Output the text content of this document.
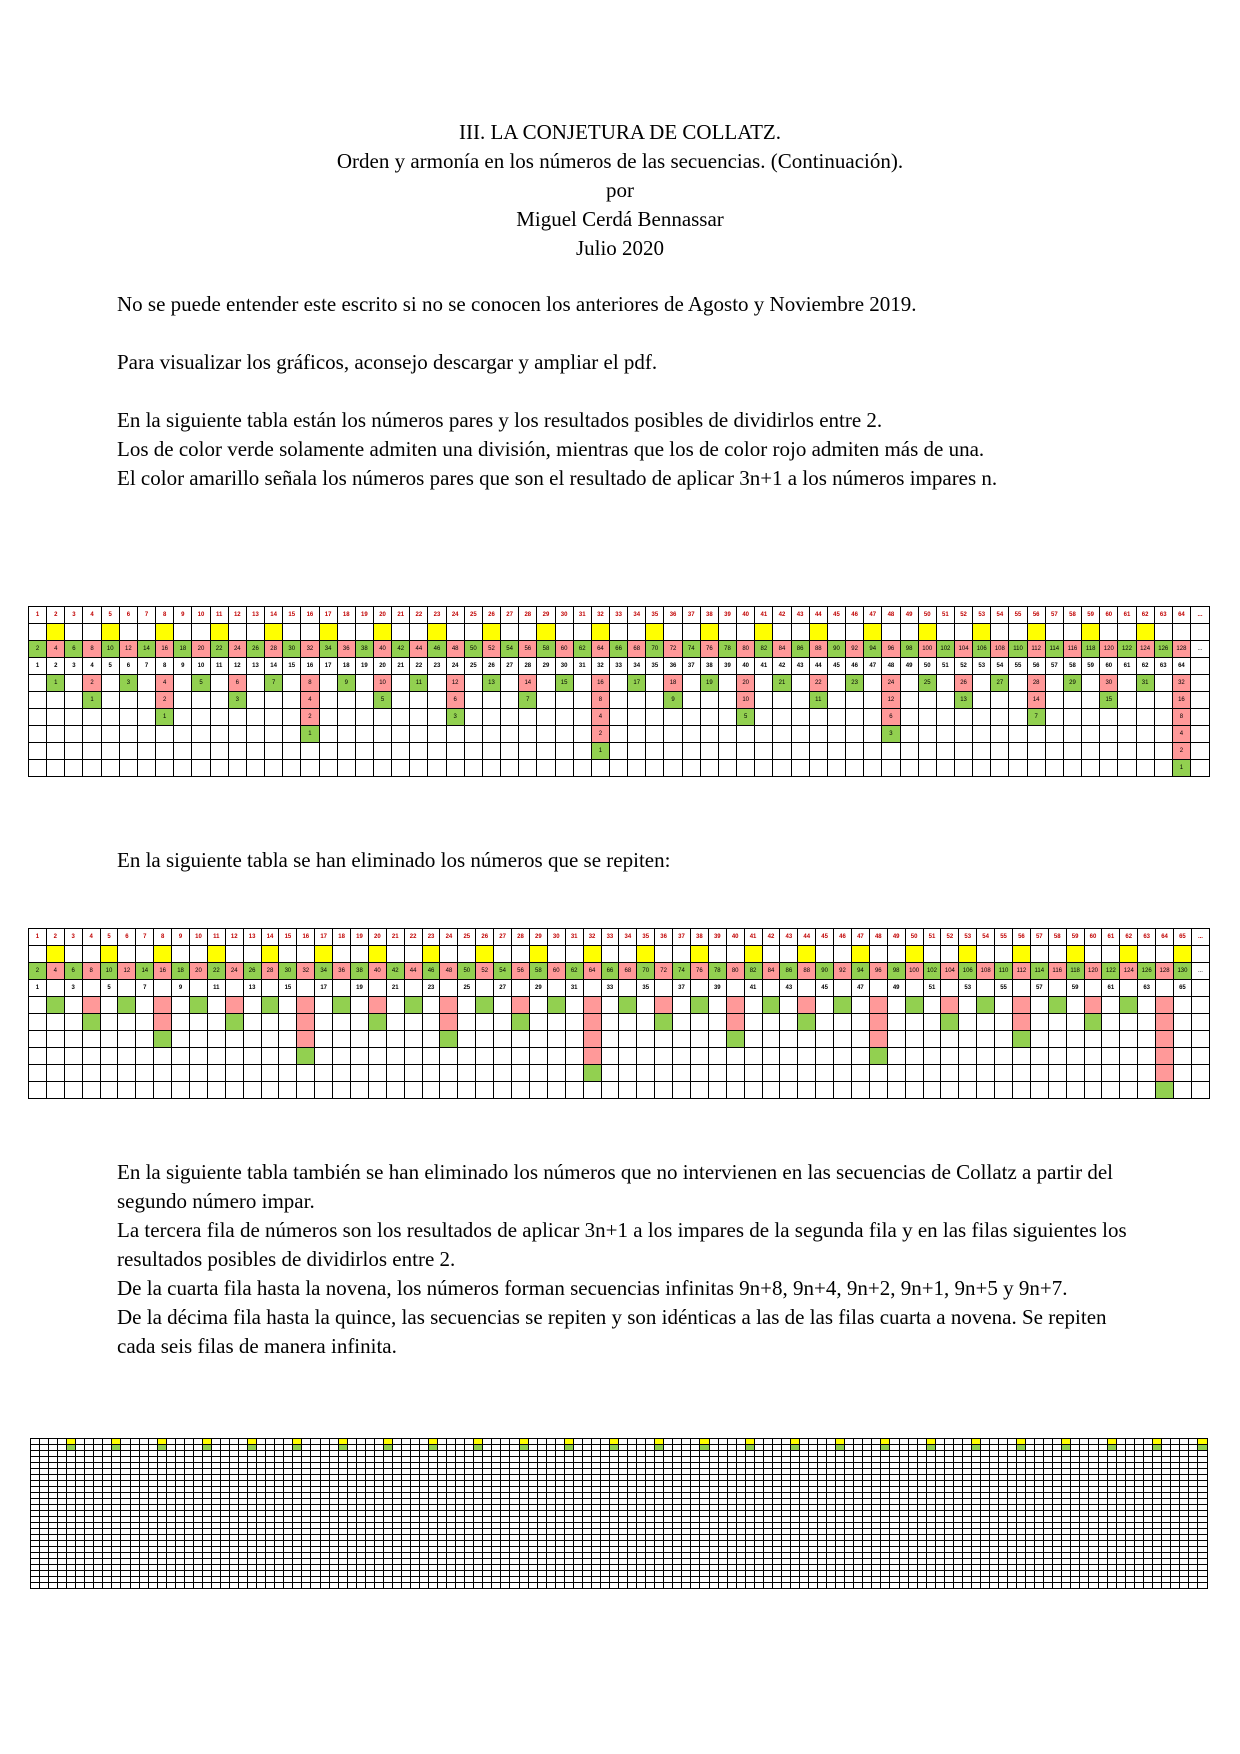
III. LA CONJETURA DE COLLATZ.
Orden y armonía en los números de las secuencias. (Continuación).
por
Miguel Cerdá Bennassar
Julio 2020

No se puede entender este escrito si no se conocen los anteriores de Agosto y Noviembre 2019.

Para visualizar los gráficos, aconsejo descargar y ampliar el pdf.

En la siguiente tabla están los números pares y los resultados posibles de dividirlos entre 2.

Los de color verde solamente admiten una división, mientras que los de color rojo admiten más de una.

El color amarillo señala los números pares que son el resultado de aplicar 3n+1 a los números impares n.

1	2	3	4	5	6	7	8	9	10	11	12	13	14	15	16	17	18	19	20	21	22	23	24	25	26	27	28	29	30	31	32	33	34	35	36	37	38	39	40	41	42	43	44	45	46	47	48	49	50	51	52	53	54	55	56	57	58	59	60	61	62	63	64	...

2	4	6	8	10	12	14	16	18	20	22	24	26	28	30	32	34	36	38	40	42	44	46	48	50	52	54	56	58	60	62	64	66	68	70	72	74	76	78	80	82	84	86	88	90	92	94	96	98	100	102	104	106	108	110	112	114	116	118	120	122	124	126	128	...
1	2	3	4	5	6	7	8	9	10	11	12	13	14	15	16	17	18	19	20	21	22	23	24	25	26	27	28	29	30	31	32	33	34	35	36	37	38	39	40	41	42	43	44	45	46	47	48	49	50	51	52	53	54	55	56	57	58	59	60	61	62	63	64	
	1		2		3		4		5		6		7		8		9		10		11		12		13		14		15		16		17		18		19		20		21		22		23		24		25		26		27		28		29		30		31		32	
			1				2				3				4				5				6				7				8				9				10				11				12				13				14				15				16	
							1								2								3								4								5								6								7								8	
															1																2																3																4	
																															1																																2	
																																																															1	

En la siguiente tabla se han eliminado los números que se repiten:

1	2	3	4	5	6	7	8	9	10	11	12	13	14	15	16	17	18	19	20	21	22	23	24	25	26	27	28	29	30	31	32	33	34	35	36	37	38	39	40	41	42	43	44	45	46	47	48	49	50	51	52	53	54	55	56	57	58	59	60	61	62	63	64	65	...

2	4	6	8	10	12	14	16	18	20	22	24	26	28	30	32	34	36	38	40	42	44	46	48	50	52	54	56	58	60	62	64	66	68	70	72	74	76	78	80	82	84	86	88	90	92	94	96	98	100	102	104	106	108	110	112	114	116	118	120	122	124	126	128	130	...
1		3		5		7		9		11		13		15		17		19		21		23		25		27		29		31		33		35		37		39		41		43		45		47		49		51		53		55		57		59		61		63		65	

En la siguiente tabla también se han eliminado los números que no intervienen en las secuencias de Collatz a partir del segundo número impar.

La tercera fila de números son los resultados de aplicar 3n+1 a los impares de la segunda fila y en las filas siguientes los resultados posibles de dividirlos entre 2.

De la cuarta fila hasta la novena, los números forman secuencias infinitas 9n+8, 9n+4, 9n+2, 9n+1, 9n+5 y 9n+7.

De la décima fila hasta la quince, las secuencias se repiten y son idénticas a las de las filas cuarta a novena. Se repiten cada seis filas de manera infinita.
